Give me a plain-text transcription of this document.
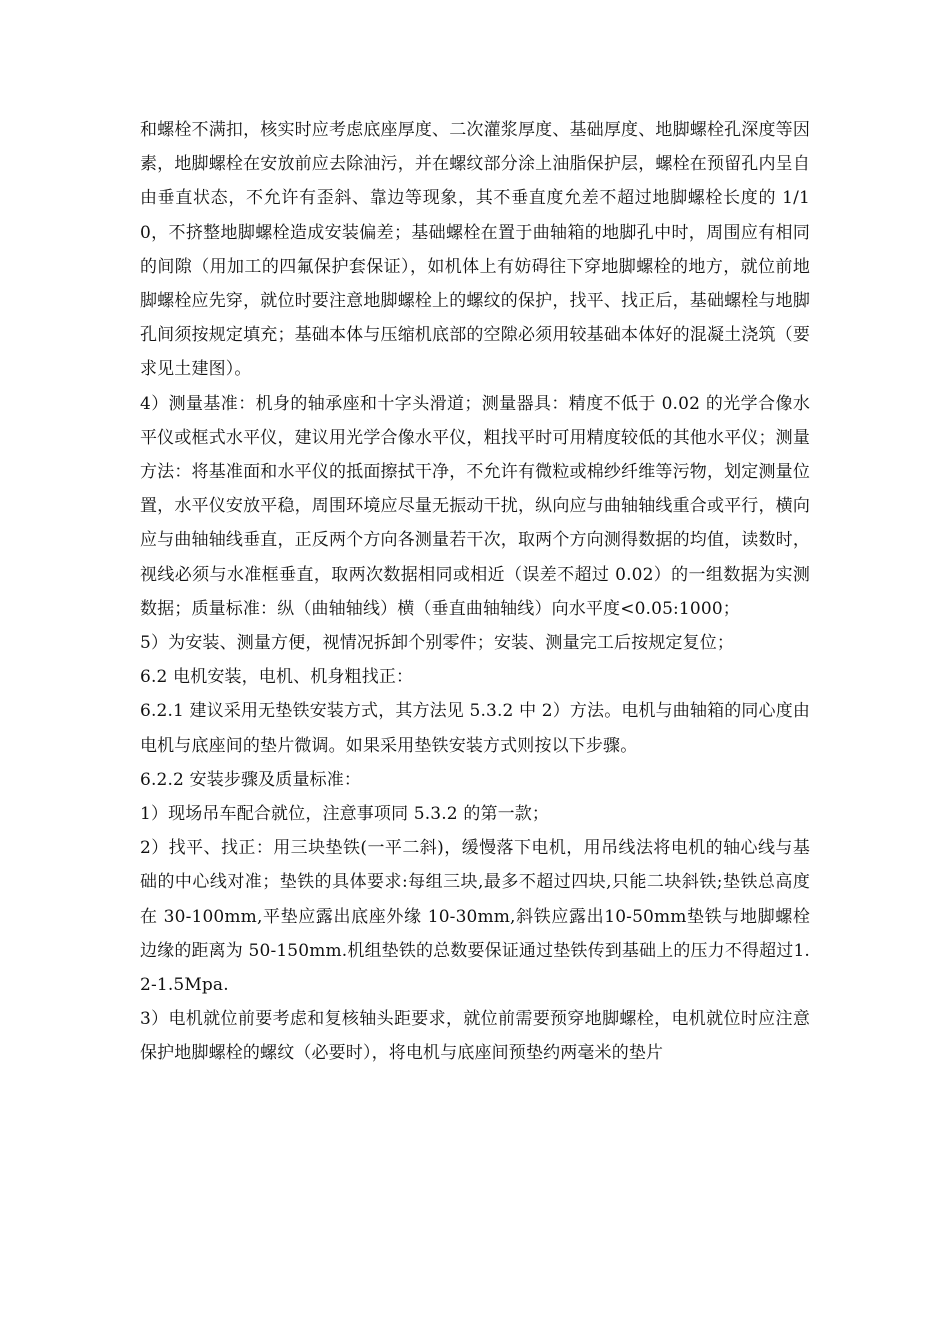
和螺栓不满扣，核实时应考虑底座厚度、二次灌浆厚度、基础厚度、地脚螺栓孔深度等因素，地脚螺栓在安放前应去除油污，并在螺纹部分涂上油脂保护层，螺栓在预留孔内呈自由垂直状态，不允许有歪斜、靠边等现象，其不垂直度允差不超过地脚螺栓长度的 1/10，不挤整地脚螺栓造成安装偏差；基础螺栓在置于曲轴箱的地脚孔中时，周围应有相同的间隙（用加工的四氟保护套保证），如机体上有妨碍往下穿地脚螺栓的地方，就位前地脚螺栓应先穿，就位时要注意地脚螺栓上的螺纹的保护，找平、找正后，基础螺栓与地脚孔间须按规定填充；基础本体与压缩机底部的空隙必须用较基础本体好的混凝土浇筑（要求见土建图）。

4）测量基准：机身的轴承座和十字头滑道；测量器具：精度不低于 0.02 的光学合像水平仪或框式水平仪，建议用光学合像水平仪，粗找平时可用精度较低的其他水平仪；测量方法：将基准面和水平仪的抵面擦拭干净，不允许有微粒或棉纱纤维等污物，划定测量位置，水平仪安放平稳，周围环境应尽量无振动干扰，纵向应与曲轴轴线重合或平行，横向应与曲轴轴线垂直，正反两个方向各测量若干次，取两个方向测得数据的均值，读数时，视线必须与水准框垂直，取两次数据相同或相近（误差不超过 0.02）的一组数据为实测数据；质量标准：纵（曲轴轴线）横（垂直曲轴轴线）向水平度<0.05:1000；

5）为安装、测量方便，视情况拆卸个别零件；安装、测量完工后按规定复位；

6.2 电机安装，电机、机身粗找正：

6.2.1 建议采用无垫铁安装方式，其方法见 5.3.2 中 2）方法。电机与曲轴箱的同心度由电机与底座间的垫片微调。如果采用垫铁安装方式则按以下步骤。

6.2.2 安装步骤及质量标准：

1）现场吊车配合就位，注意事项同 5.3.2 的第一款；

2）找平、找正：用三块垫铁(一平二斜)，缓慢落下电机，用吊线法将电机的轴心线与基础的中心线对准；垫铁的具体要求:每组三块,最多不超过四块,只能二块斜铁;垫铁总高度在 30-100mm,平垫应露出底座外缘 10-30mm,斜铁应露出10-50mm垫铁与地脚螺栓边缘的距离为 50-150mm.机组垫铁的总数要保证通过垫铁传到基础上的压力不得超过1.2-1.5Mpa.

3）电机就位前要考虑和复核轴头距要求，就位前需要预穿地脚螺栓，电机就位时应注意保护地脚螺栓的螺纹（必要时），将电机与底座间预垫约两毫米的垫片
